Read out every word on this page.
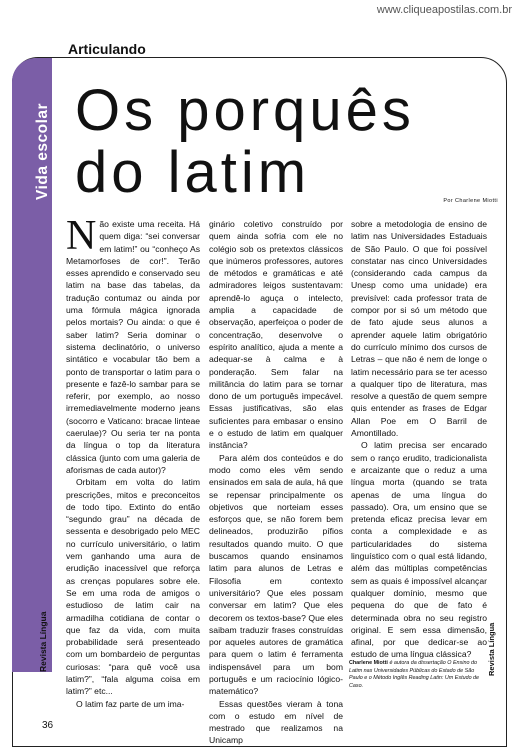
www.cliqueapostilas.com.br
Articulando
Vida escolar
Revista Língua	Revista Língua
Os porquês do latim	Por Charlene Miotti

Não existe uma receita. Há quem diga: “sei conversar em latim!” ou “conheço As Metamorfoses de cor!”. Terão esses aprendido e conservado seu latim na base das tabelas, da tradução contumaz ou ainda por uma fórmula mágica ignorada pelos mortais? Ou ainda: o que é saber latim? Seria dominar o sistema declinatório, o universo sintático e vocabular tão bem a ponto de transportar o latim para o presente e fazê-lo sambar para se referir, por exemplo, ao nosso irremediavelmente moderno jeans (socorro e Vaticano: bracae linteae caerulae)? Ou seria ter na ponta da língua o top da literatura clássica (junto com uma galeria de aforismas de cada autor)?

Orbitam em volta do latim prescrições, mitos e preconceitos de todo tipo. Extinto do então “segundo grau” na década de sessenta e desobrigado pelo MEC no currículo universitário, o latim vem ganhando uma aura de erudição inacessível que reforça as crenças populares sobre ele. Se em uma roda de amigos o estudioso de latim cair na armadilha cotidiana de contar o que faz da vida, com muita probabilidade será presenteado com um bombardeio de perguntas curiosas: “para quê você usa latim?”, “fala alguma coisa em latim?” etc...

O latim faz parte de um ima-

ginário coletivo construído por quem ainda sofria com ele no colégio sob os pretextos clássicos que inúmeros professores, autores de métodos e gramáticas e até admiradores leigos sustentavam: aprendê-lo aguça o intelecto, amplia a capacidade de observação, aperfeiçoa o poder de concentração, desenvolve o espírito analítico, ajuda a mente a adequar-se à calma e à ponderação. Sem falar na militância do latim para se tornar dono de um português impecável. Essas justificativas, são elas suficientes para embasar o ensino e o estudo de latim em qualquer instância?

Para além dos conteúdos e do modo como eles vêm sendo ensinados em sala de aula, há que se repensar principalmente os objetivos que norteiam esses esforços que, se não forem bem delineados, produzirão pífios resultados quando muito. O que buscamos quando ensinamos latim para alunos de Letras e Filosofia em contexto universitário? Que eles possam conversar em latim? Que eles decorem os textos-base? Que eles saibam traduzir frases construídas por aqueles autores de gramática para quem o latim é ferramenta indispensável para um bom português e um raciocínio lógico-matemático?

Essas questões vieram à tona com o estudo em nível de mestrado que realizamos na Unicamp

sobre a metodologia de ensino de latim nas Universidades Estaduais de São Paulo. O que foi possível constatar nas cinco Universidades (considerando cada campus da Unesp como uma unidade) era previsível: cada professor trata de compor por si só um método que de fato ajude seus alunos a aprender aquele latim obrigatório do currículo mínimo dos cursos de Letras – que não é nem de longe o latim necessário para se ter acesso a qualquer tipo de literatura, mas resolve a questão de quem sempre quis entender as frases de Edgar Allan Poe em O Barril de Amontillado.

O latim precisa ser encarado sem o ranço erudito, tradicionalista e arcaizante que o reduz a uma língua morta (quando se trata apenas de uma língua do passado). Ora, um ensino que se pretenda eficaz precisa levar em conta a complexidade e as particularidades do sistema linguístico com o qual está lidando, além das múltiplas competências sem as quais é impossível alcançar qualquer domínio, mesmo que pequena do que de fato é determinada obra no seu registro original. E sem essa dimensão, afinal, por que dedicar-se ao estudo de uma língua clássica?

Charlene Miotti é autora da dissertação O Ensino do Latim nas Universidades Públicas do Estado de São Paulo e o Método Inglês Reading Latin: Um Estudo de Caso.
36
